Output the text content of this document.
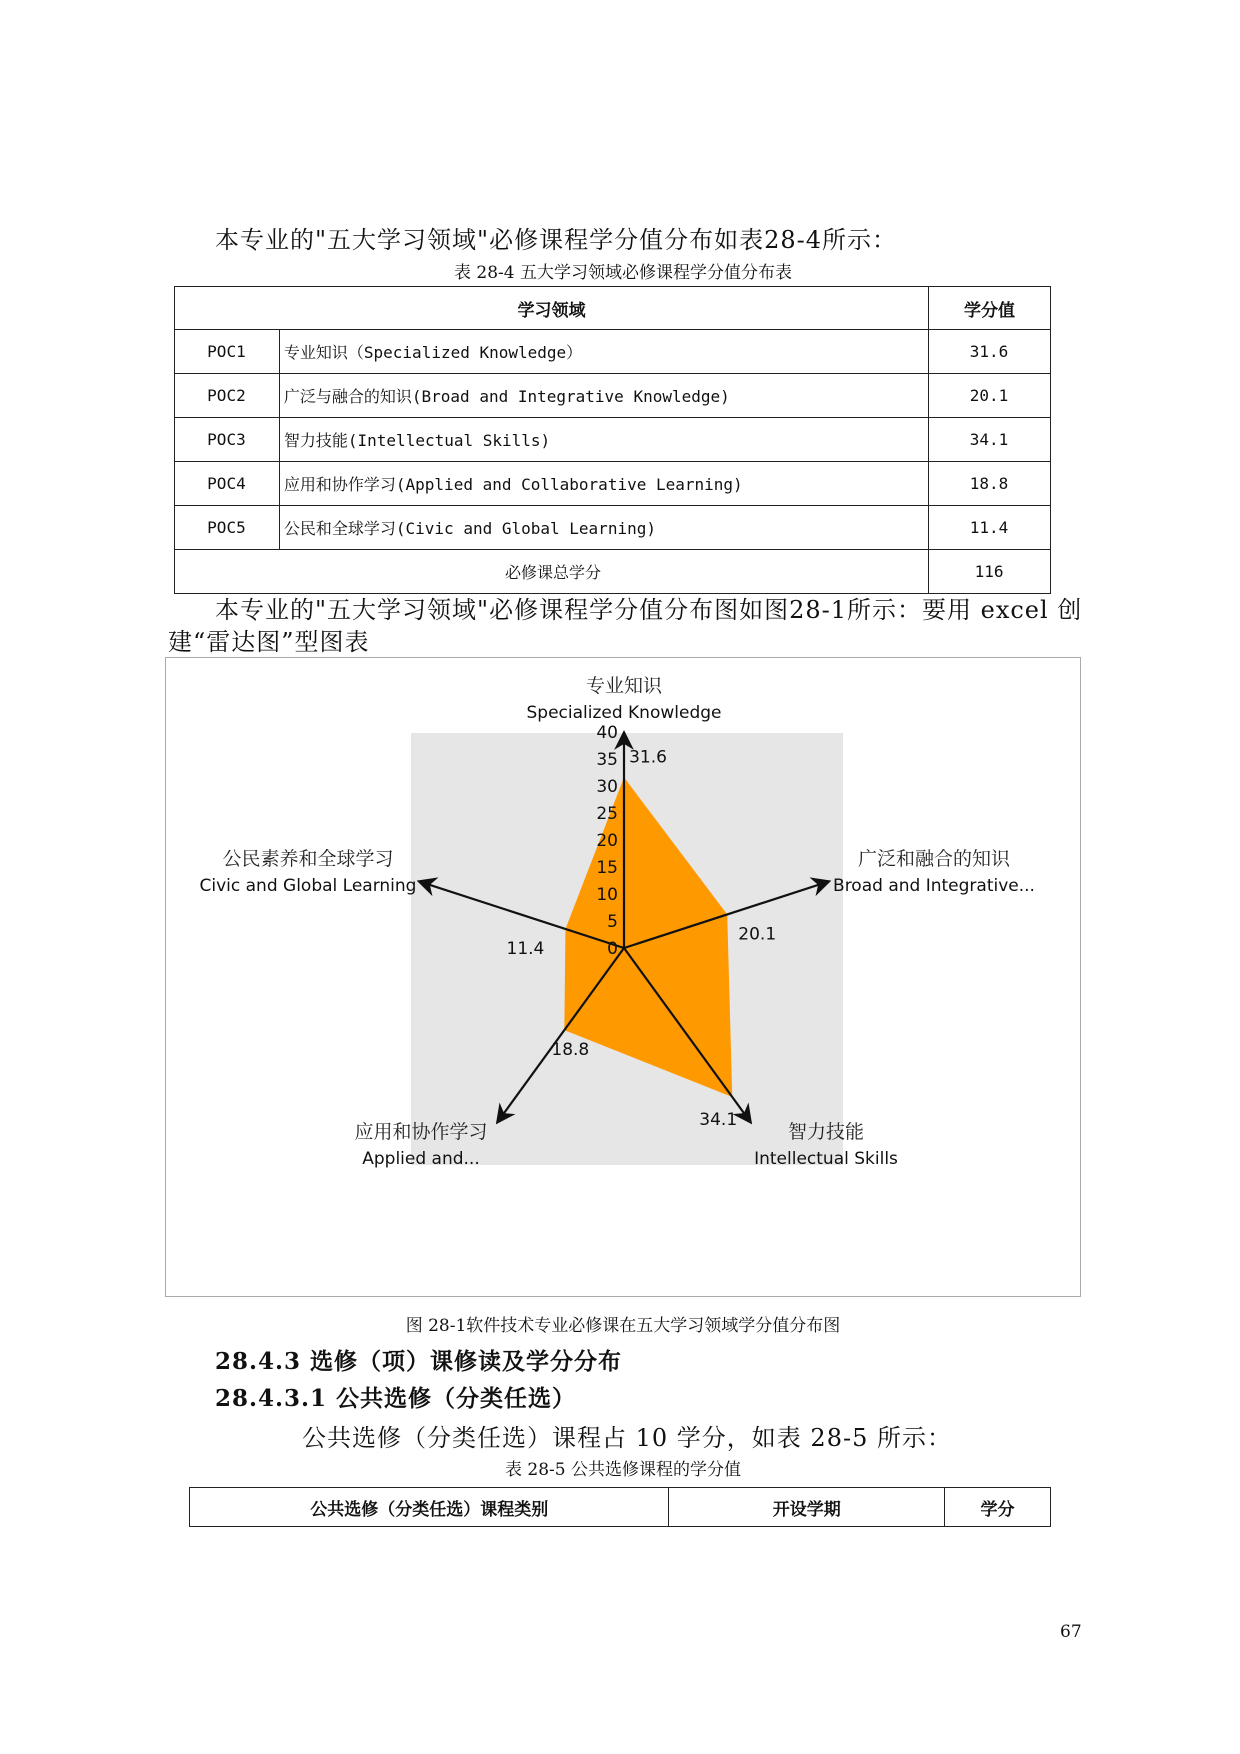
本专业的"五大学习领域"必修课程学分值分布如表28-4所示：
表 28-4 五大学习领域必修课程学分值分布表
学习领域		学分值
POC1	专业知识（Specialized Knowledge）	31.6
POC2	广泛与融合的知识(Broad and Integrative Knowledge)	20.1
POC3	智力技能(Intellectual Skills)	34.1
POC4	应用和协作学习(Applied and Collaborative Learning)	18.8
POC5	公民和全球学习(Civic and Global Learning)	11.4
必修课总学分		116
本专业的"五大学习领域"必修课程学分值分布图如图28-1所示：要用 excel 创
建“雷达图”型图表
0
5
10
15
20
25
30
35
40
31.6
20.1
34.1
18.8
11.4
专业知识
Specialized Knowledge
广泛和融合的知识
Broad and Integrative...
智力技能
Intellectual Skills
应用和协作学习
Applied and...
公民素养和全球学习
Civic and Global Learning
图 28-1软件技术专业必修课在五大学习领域学分值分布图
28.4.3 选修（项）课修读及学分分布
28.4.3.1 公共选修（分类任选）
公共选修（分类任选）课程占 10 学分，如表 28-5 所示：
表 28-5 公共选修课程的学分值
公共选修（分类任选）课程类别	开设学期	学分
67
